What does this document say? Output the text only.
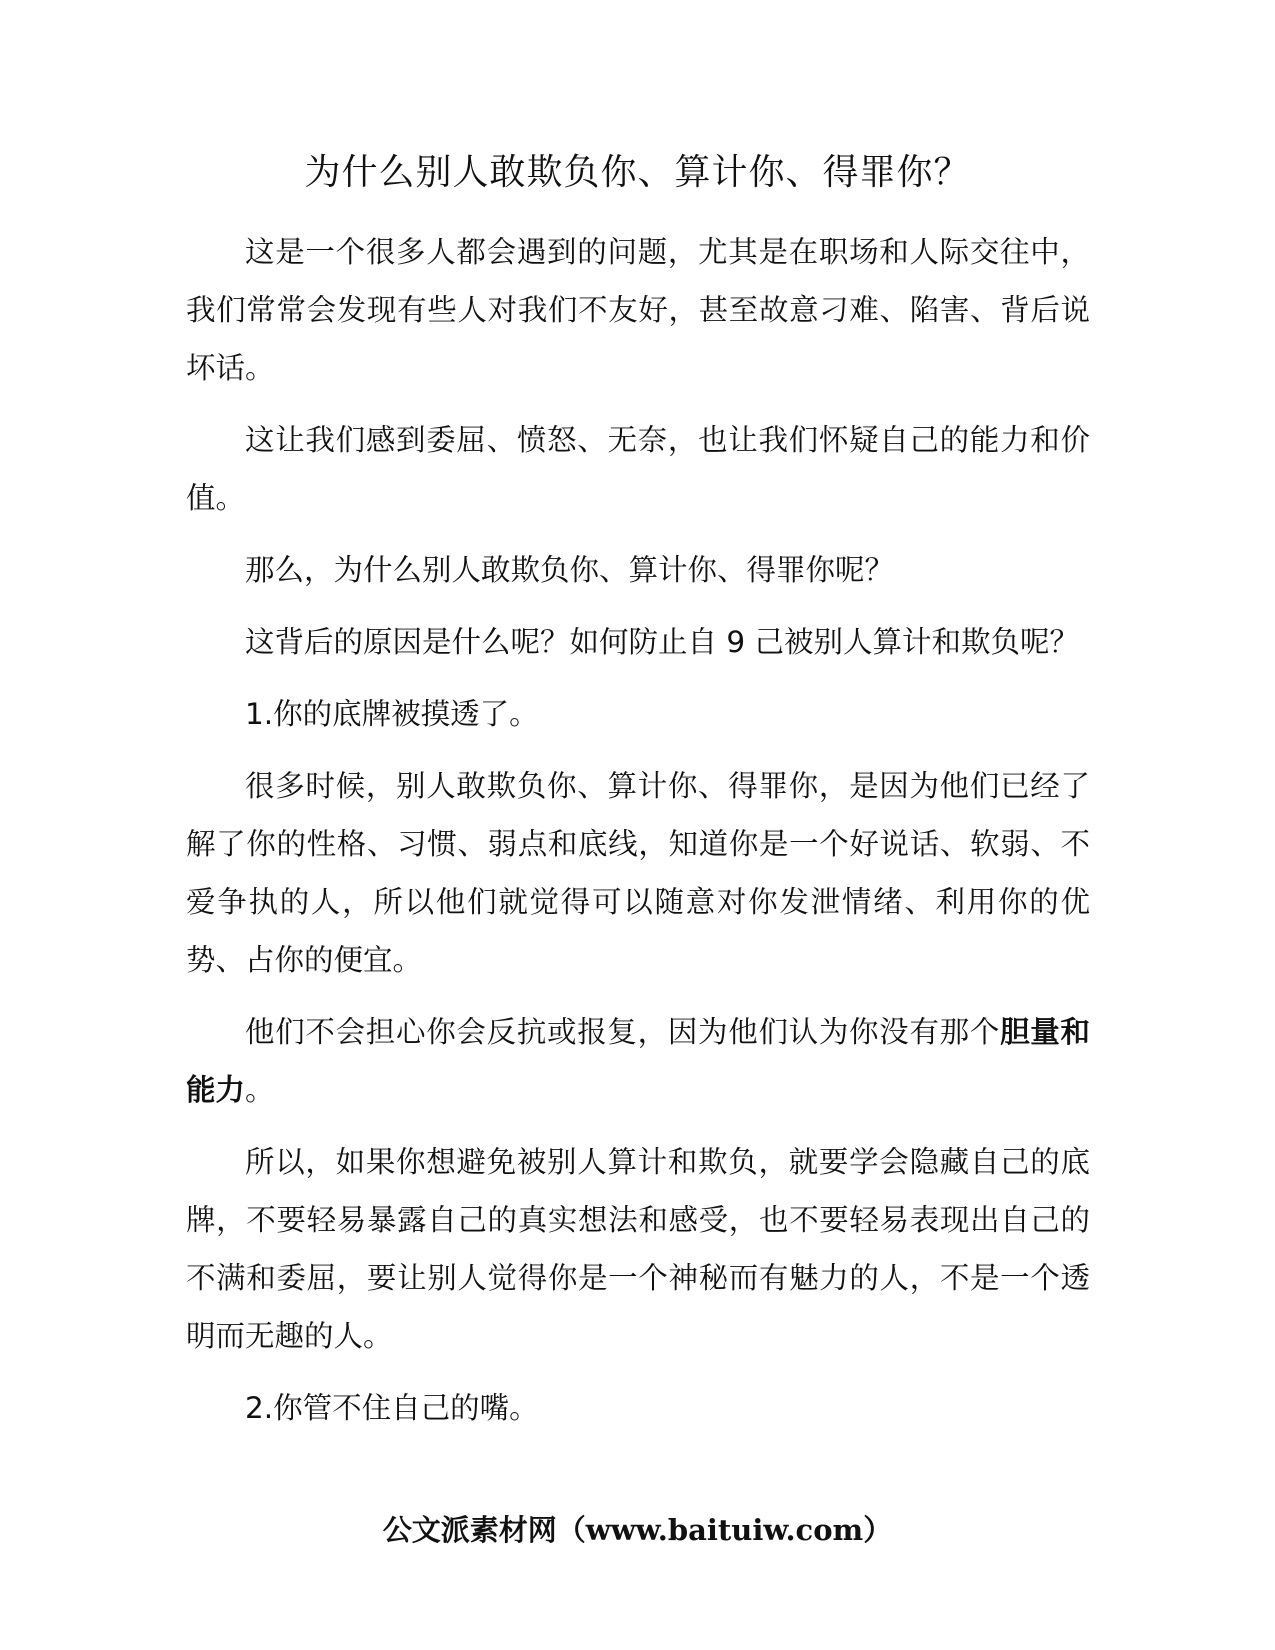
为什么别人敢欺负你、算计你、得罪你？

这是一个很多人都会遇到的问题，尤其是在职场和人际交往中，我们常常会发现有些人对我们不友好，甚至故意刁难、陷害、背后说坏话。

这让我们感到委屈、愤怒、无奈，也让我们怀疑自己的能力和价值。

那么，为什么别人敢欺负你、算计你、得罪你呢？

这背后的原因是什么呢？如何防止自 9 己被别人算计和欺负呢？

1.你的底牌被摸透了。

很多时候，别人敢欺负你、算计你、得罪你，是因为他们已经了解了你的性格、习惯、弱点和底线，知道你是一个好说话、软弱、不爱争执的人，所以他们就觉得可以随意对你发泄情绪、利用你的优势、占你的便宜。

他们不会担心你会反抗或报复，因为他们认为你没有那个胆量和能力。

所以，如果你想避免被别人算计和欺负，就要学会隐藏自己的底牌，不要轻易暴露自己的真实想法和感受，也不要轻易表现出自己的不满和委屈，要让别人觉得你是一个神秘而有魅力的人，不是一个透明而无趣的人。

2.你管不住自己的嘴。

公文派素材网（www.baituiw.com）
